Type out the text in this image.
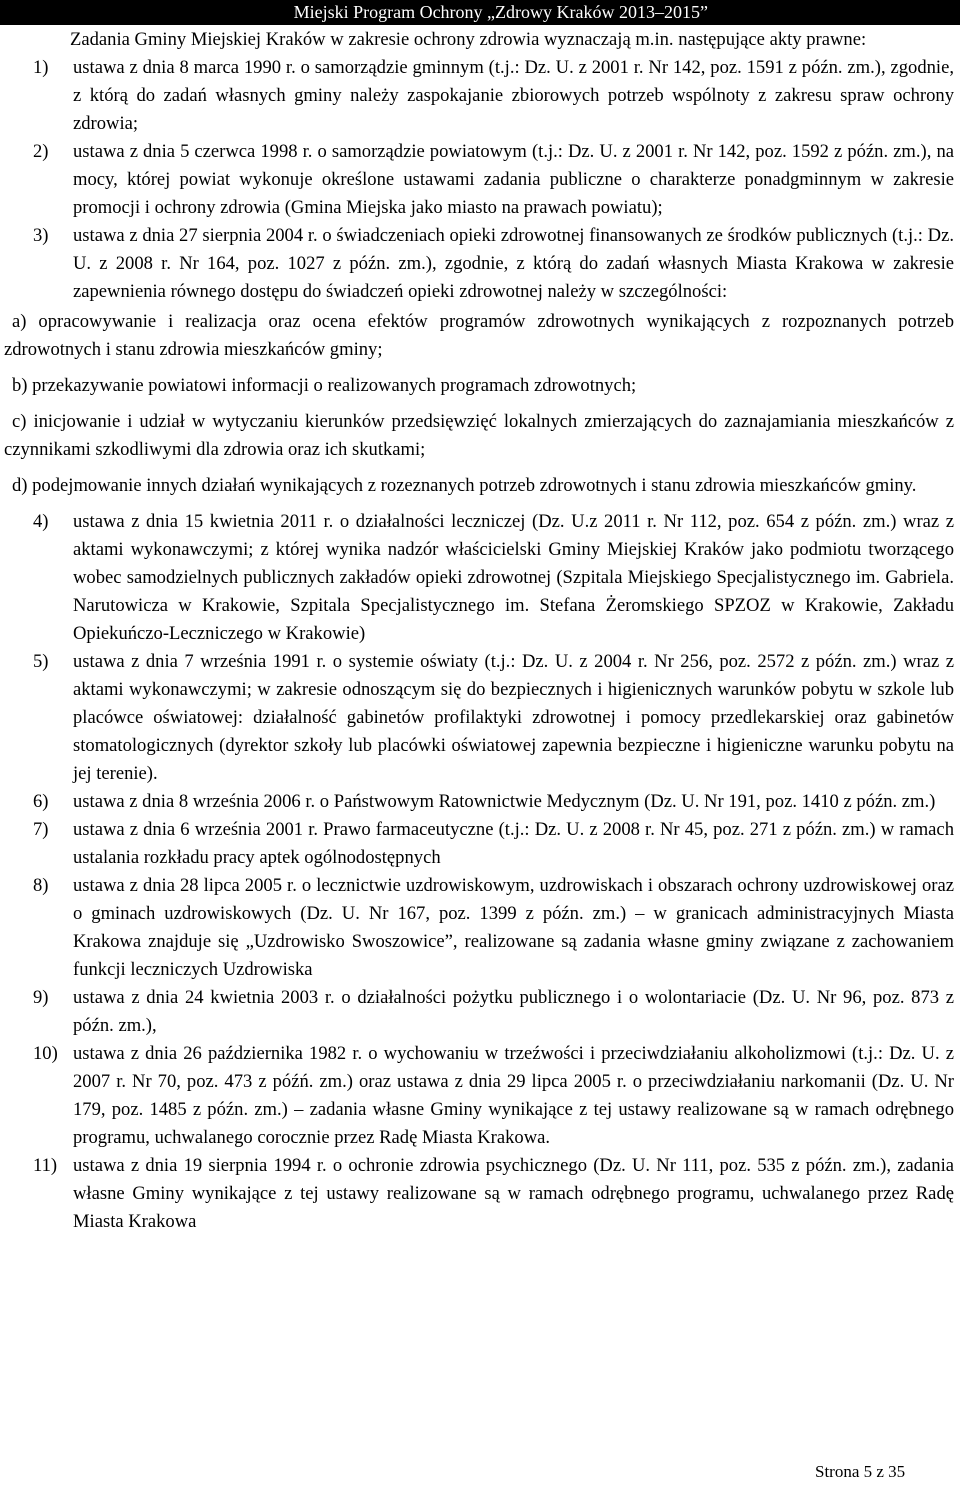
Miejski Program Ochrony „Zdrowy Kraków 2013–2015”
Zadania Gminy Miejskiej Kraków w zakresie ochrony zdrowia wyznaczają m.in. następujące akty prawne:
1)	ustawa z dnia 8 marca 1990 r. o samorządzie gminnym (t.j.: Dz. U. z 2001 r. Nr 142, poz. 1591 z późn. zm.), zgodnie, z którą do zadań własnych gminy należy zaspokajanie zbiorowych potrzeb wspólnoty z zakresu spraw ochrony zdrowia;
2)	ustawa z dnia 5 czerwca 1998 r. o samorządzie powiatowym (t.j.: Dz. U. z 2001 r. Nr 142, poz. 1592 z późn. zm.), na mocy, której powiat wykonuje określone ustawami zadania publiczne o charakterze ponadgminnym w zakresie promocji i ochrony zdrowia (Gmina Miejska jako miasto na prawach powiatu);
3)	ustawa z dnia 27 sierpnia 2004 r. o świadczeniach opieki zdrowotnej finansowanych ze środków publicznych (t.j.: Dz. U. z 2008 r. Nr 164, poz. 1027 z późn. zm.), zgodnie, z którą do zadań własnych Miasta Krakowa w zakresie zapewnienia równego dostępu do świadczeń opieki zdrowotnej należy w szczególności:
a) opracowywanie i realizacja oraz ocena efektów programów zdrowotnych wynikających z rozpoznanych potrzeb zdrowotnych i stanu zdrowia mieszkańców gminy;
b) przekazywanie powiatowi informacji o realizowanych programach zdrowotnych;
c) inicjowanie i udział w wytyczaniu kierunków przedsięwzięć lokalnych zmierzających do zaznajamiania mieszkańców z czynnikami szkodliwymi dla zdrowia oraz ich skutkami;
d) podejmowanie innych działań wynikających z rozeznanych potrzeb zdrowotnych i stanu zdrowia mieszkańców gminy.
4)	ustawa z dnia 15 kwietnia 2011 r. o działalności leczniczej (Dz. U.z 2011 r. Nr 112, poz. 654 z późn. zm.) wraz z aktami wykonawczymi; z której wynika nadzór właścicielski Gminy Miejskiej Kraków jako podmiotu tworzącego wobec samodzielnych publicznych zakładów opieki zdrowotnej (Szpitala Miejskiego Specjalistycznego im. Gabriela. Narutowicza w Krakowie, Szpitala Specjalistycznego im. Stefana Żeromskiego SPZOZ w Krakowie, Zakładu Opiekuńczo-Leczniczego w Krakowie)
5)	ustawa z dnia 7 września 1991 r. o systemie oświaty (t.j.: Dz. U. z 2004 r. Nr 256, poz. 2572 z późn. zm.) wraz z aktami wykonawczymi; w zakresie odnoszącym się do bezpiecznych i higienicznych warunków pobytu w szkole lub placówce oświatowej: działalność gabinetów profilaktyki zdrowotnej i pomocy przedlekarskiej oraz gabinetów stomatologicznych (dyrektor szkoły lub placówki oświatowej zapewnia bezpieczne i higieniczne warunku pobytu na jej terenie).
6)	ustawa z dnia 8 września 2006 r. o Państwowym Ratownictwie Medycznym (Dz. U. Nr 191, poz. 1410 z późn. zm.)
7)	ustawa z dnia 6 września 2001 r. Prawo farmaceutyczne (t.j.: Dz. U. z 2008 r. Nr 45, poz. 271 z późn. zm.) w ramach ustalania rozkładu pracy aptek ogólnodostępnych
8)	ustawa z dnia 28 lipca 2005 r. o lecznictwie uzdrowiskowym, uzdrowiskach i obszarach ochrony uzdrowiskowej oraz o gminach uzdrowiskowych (Dz. U. Nr 167, poz. 1399 z późn. zm.) – w granicach administracyjnych Miasta Krakowa znajduje się „Uzdrowisko Swoszowice”, realizowane są zadania własne gminy związane z zachowaniem funkcji leczniczych Uzdrowiska
9)	ustawa z dnia 24 kwietnia 2003 r. o działalności pożytku publicznego i o wolontariacie (Dz. U. Nr 96, poz. 873 z późn. zm.),
10) ustawa z dnia 26 października 1982 r. o wychowaniu w trzeźwości i przeciwdziałaniu alkoholizmowi (t.j.: Dz. U. z 2007 r. Nr 70, poz. 473 z późń. zm.) oraz ustawa z dnia 29 lipca 2005 r. o przeciwdziałaniu narkomanii (Dz. U. Nr 179, poz. 1485 z późn. zm.) – zadania własne Gminy wynikające z tej ustawy realizowane są w ramach odrębnego programu, uchwalanego corocznie przez Radę Miasta Krakowa.
11) ustawa z dnia 19 sierpnia 1994 r. o ochronie zdrowia psychicznego (Dz. U. Nr 111, poz. 535 z późn. zm.), zadania własne Gminy wynikające z tej ustawy realizowane są w ramach odrębnego programu, uchwalanego przez Radę Miasta Krakowa
Strona 5 z 35
